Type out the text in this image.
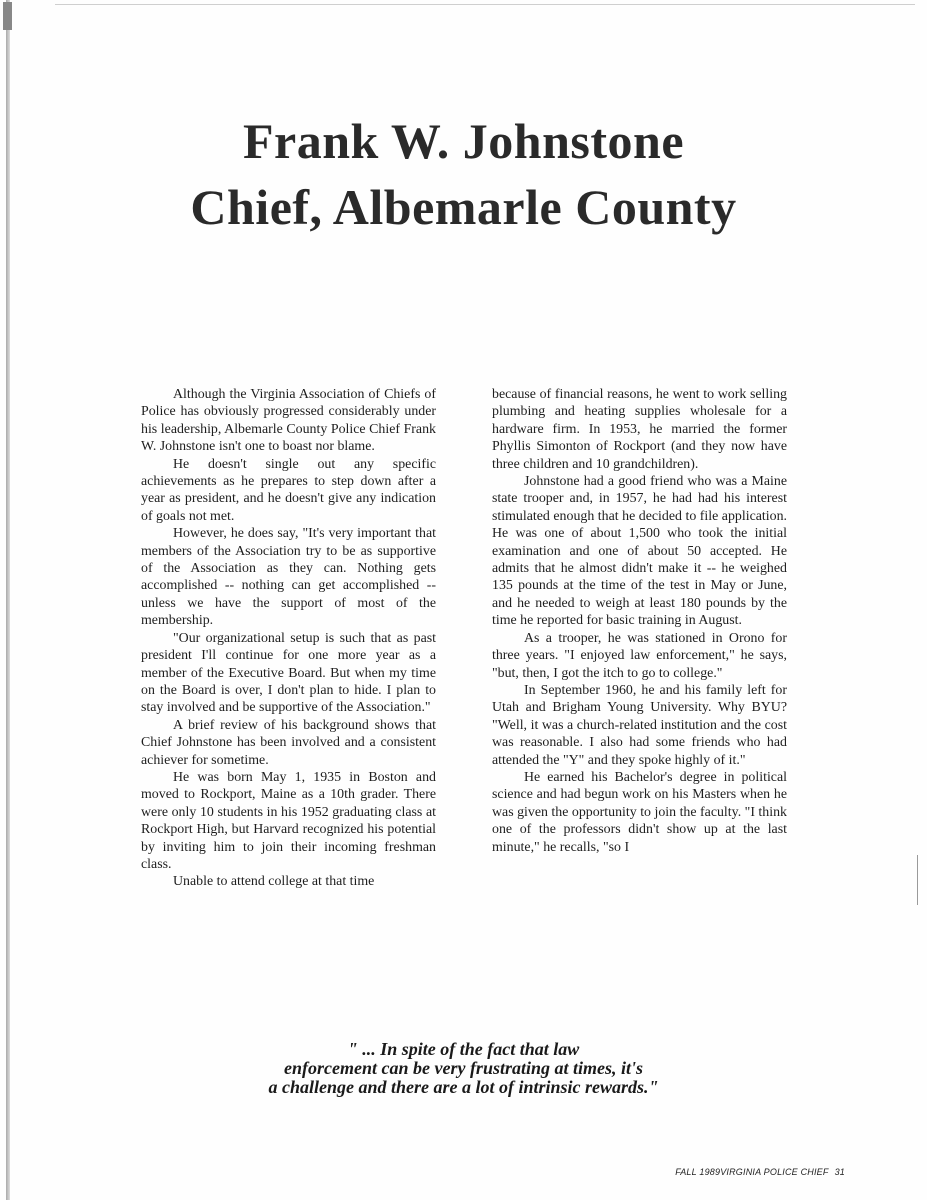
Frank W. Johnstone
Chief, Albemarle County

Although the Virginia Association of Chiefs of Police has obviously progressed considerably under his leadership, Albemarle County Police Chief Frank W. Johnstone isn't one to boast nor blame.

He doesn't single out any specific achievements as he prepares to step down after a year as president, and he doesn't give any indication of goals not met.

However, he does say, "It's very important that members of the Association try to be as supportive of the Association as they can. Nothing gets accomplished -- nothing can get accomplished -- unless we have the support of most of the membership.

"Our organizational setup is such that as past president I'll continue for one more year as a member of the Executive Board. But when my time on the Board is over, I don't plan to hide. I plan to stay involved and be supportive of the Association."

A brief review of his background shows that Chief Johnstone has been involved and a consistent achiever for sometime.

He was born May 1, 1935 in Boston and moved to Rockport, Maine as a 10th grader. There were only 10 students in his 1952 graduating class at Rockport High, but Harvard recognized his potential by inviting him to join their incoming freshman class.

Unable to attend college at that time

because of financial reasons, he went to work selling plumbing and heating supplies wholesale for a hardware firm. In 1953, he married the former Phyllis Simonton of Rockport (and they now have three children and 10 grandchildren).

Johnstone had a good friend who was a Maine state trooper and, in 1957, he had had his interest stimulated enough that he decided to file application. He was one of about 1,500 who took the initial examination and one of about 50 accepted. He admits that he almost didn't make it -- he weighed 135 pounds at the time of the test in May or June, and he needed to weigh at least 180 pounds by the time he reported for basic training in August.

As a trooper, he was stationed in Orono for three years. "I enjoyed law enforcement," he says, "but, then, I got the itch to go to college."

In September 1960, he and his family left for Utah and Brigham Young University. Why BYU? "Well, it was a church-related institution and the cost was reasonable. I also had some friends who had attended the "Y" and they spoke highly of it."

He earned his Bachelor's degree in political science and had begun work on his Masters when he was given the opportunity to join the faculty. "I think one of the professors didn't show up at the last minute," he recalls, "so I

" ... In spite of the fact that law
enforcement can be very frustrating at times, it's
a challenge and there are a lot of intrinsic rewards."
FALL 1989VIRGINIA POLICE CHIEF 31
